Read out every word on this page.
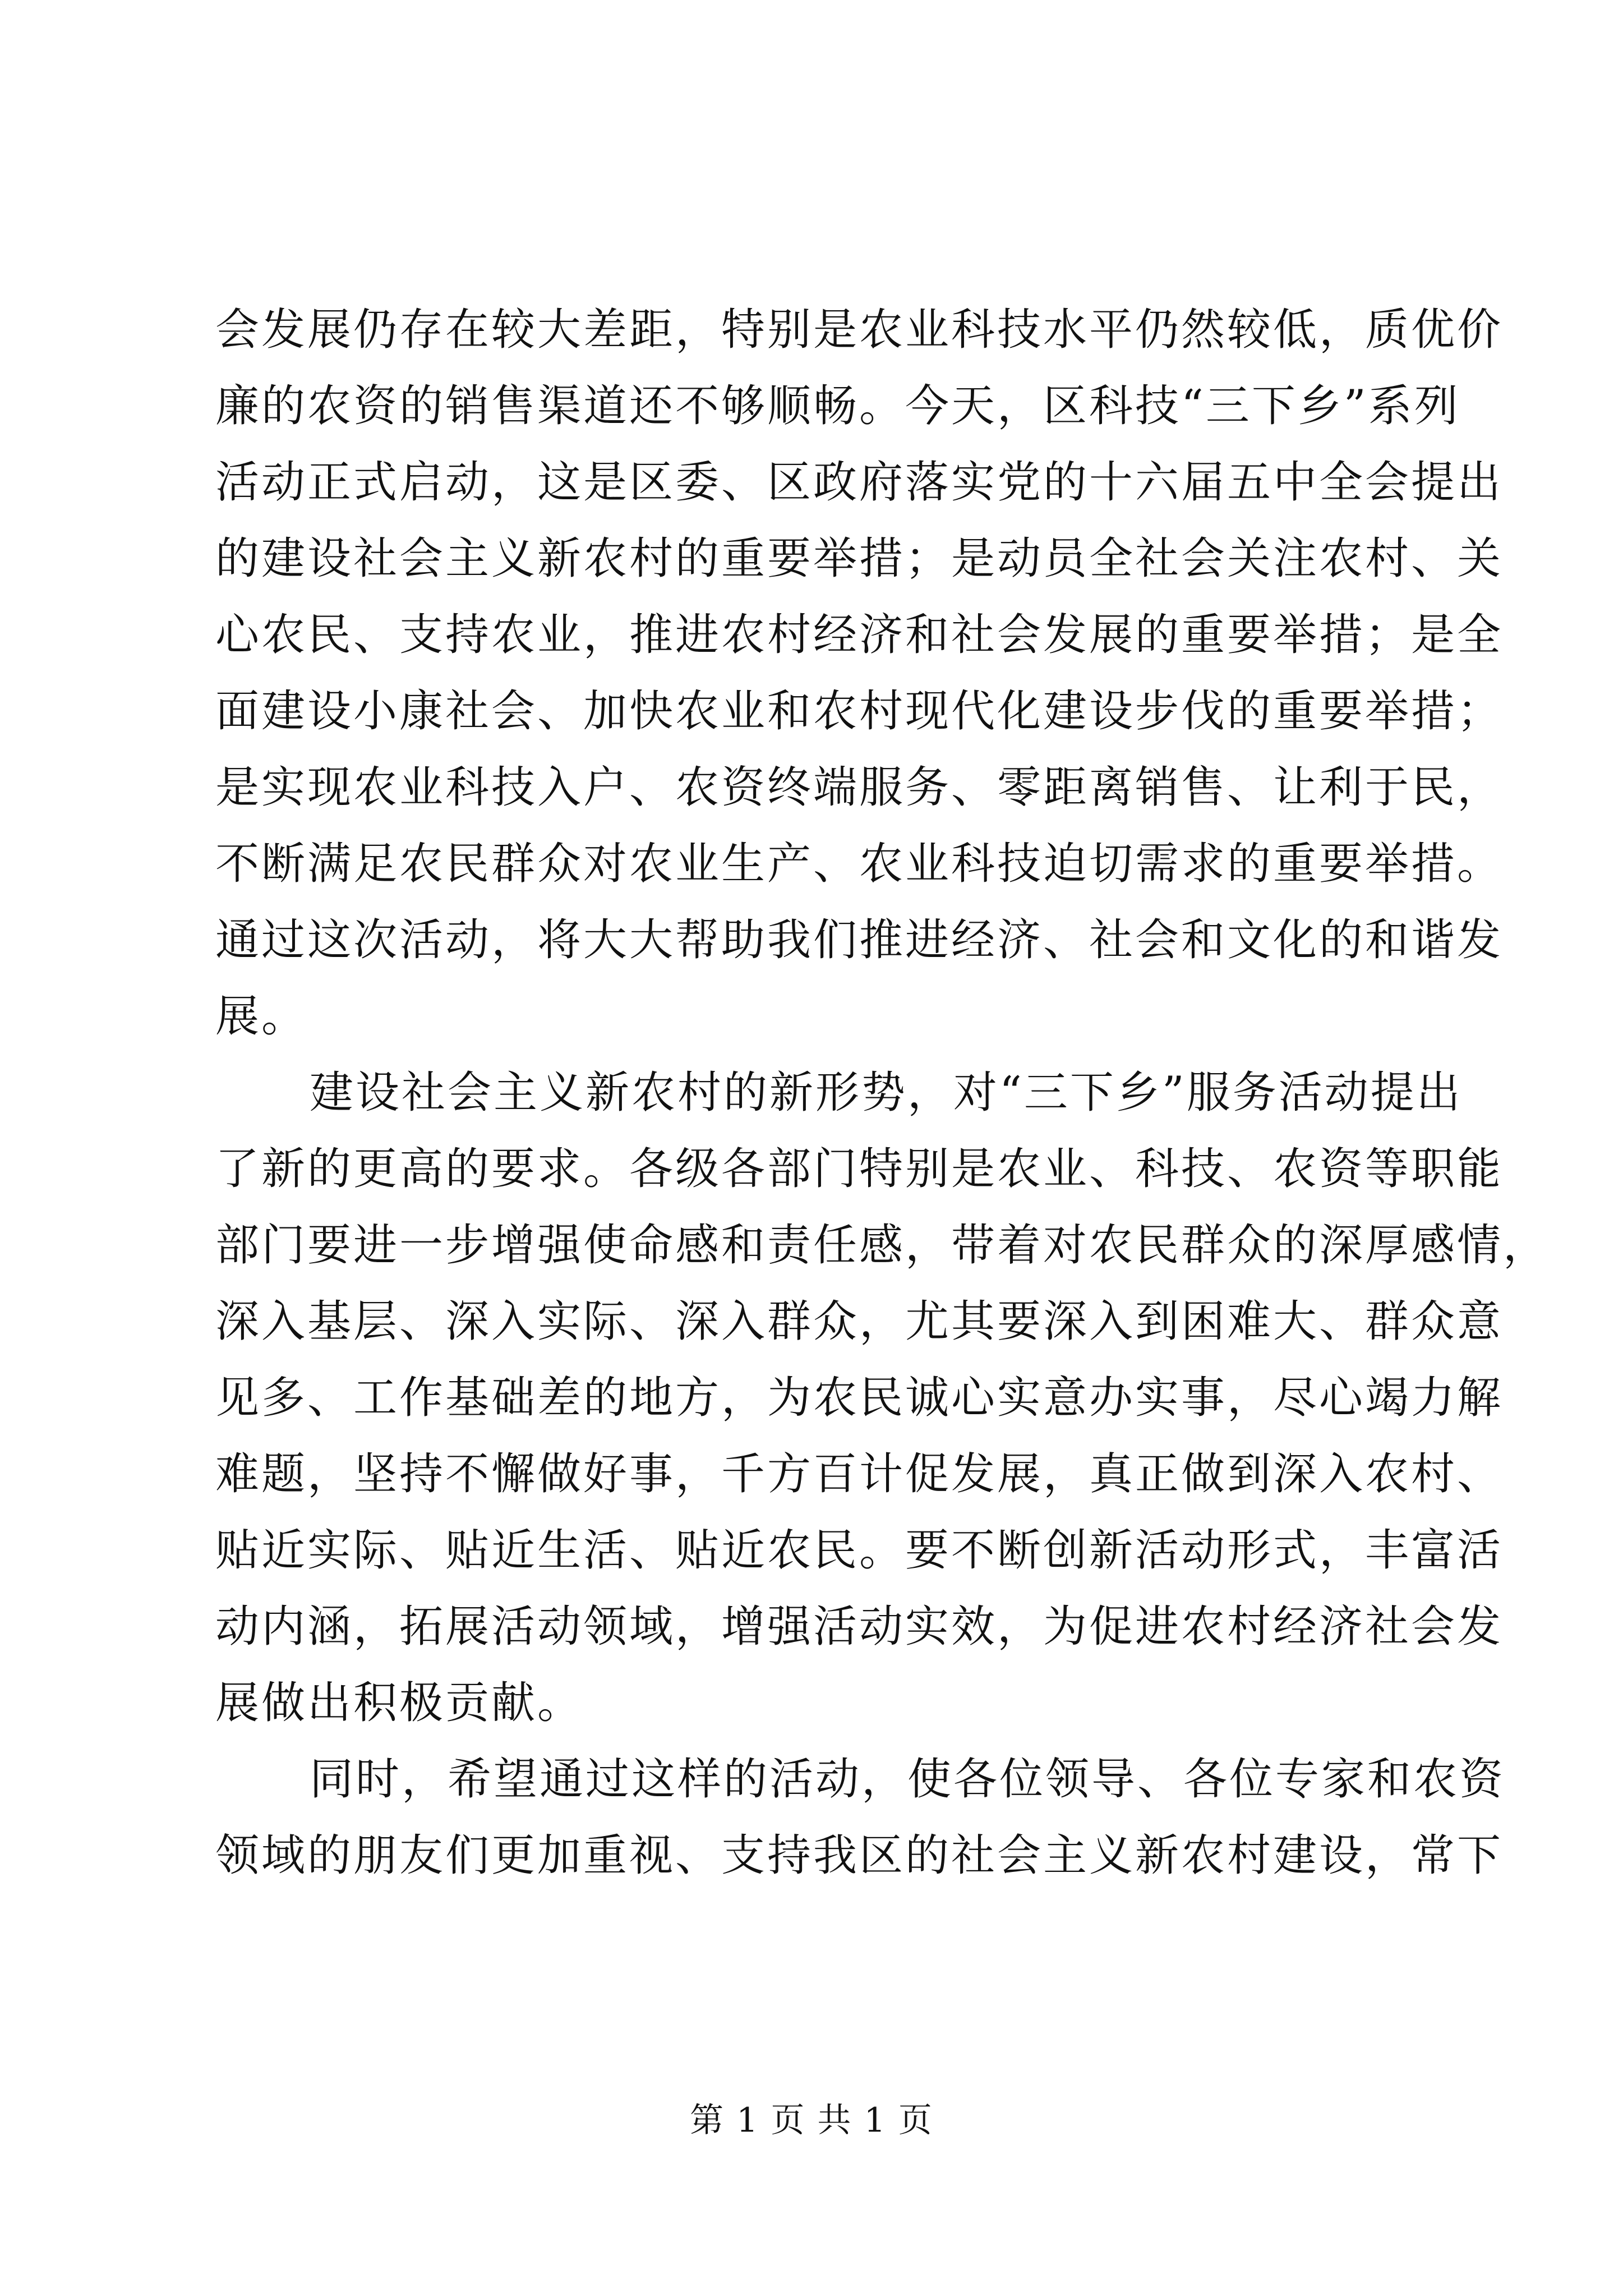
会发展仍存在较大差距，特别是农业科技水平仍然较低，质优价
廉的农资的销售渠道还不够顺畅。今天，区科技“三下乡”系列
活动正式启动，这是区委、区政府落实党的十六届五中全会提出
的建设社会主义新农村的重要举措；是动员全社会关注农村、关
心农民、支持农业，推进农村经济和社会发展的重要举措；是全
面建设小康社会、加快农业和农村现代化建设步伐的重要举措；
是实现农业科技入户、农资终端服务、零距离销售、让利于民，
不断满足农民群众对农业生产、农业科技迫切需求的重要举措。
通过这次活动，将大大帮助我们推进经济、社会和文化的和谐发
展。
建设社会主义新农村的新形势，对“三下乡”服务活动提出
了新的更高的要求。各级各部门特别是农业、科技、农资等职能
部门要进一步增强使命感和责任感，带着对农民群众的深厚感情，
深入基层、深入实际、深入群众，尤其要深入到困难大、群众意
见多、工作基础差的地方，为农民诚心实意办实事，尽心竭力解
难题，坚持不懈做好事，千方百计促发展，真正做到深入农村、
贴近实际、贴近生活、贴近农民。要不断创新活动形式，丰富活
动内涵，拓展活动领域，增强活动实效，为促进农村经济社会发
展做出积极贡献。
同时，希望通过这样的活动，使各位领导、各位专家和农资
领域的朋友们更加重视、支持我区的社会主义新农村建设，常下
第 1 页 共 1 页
